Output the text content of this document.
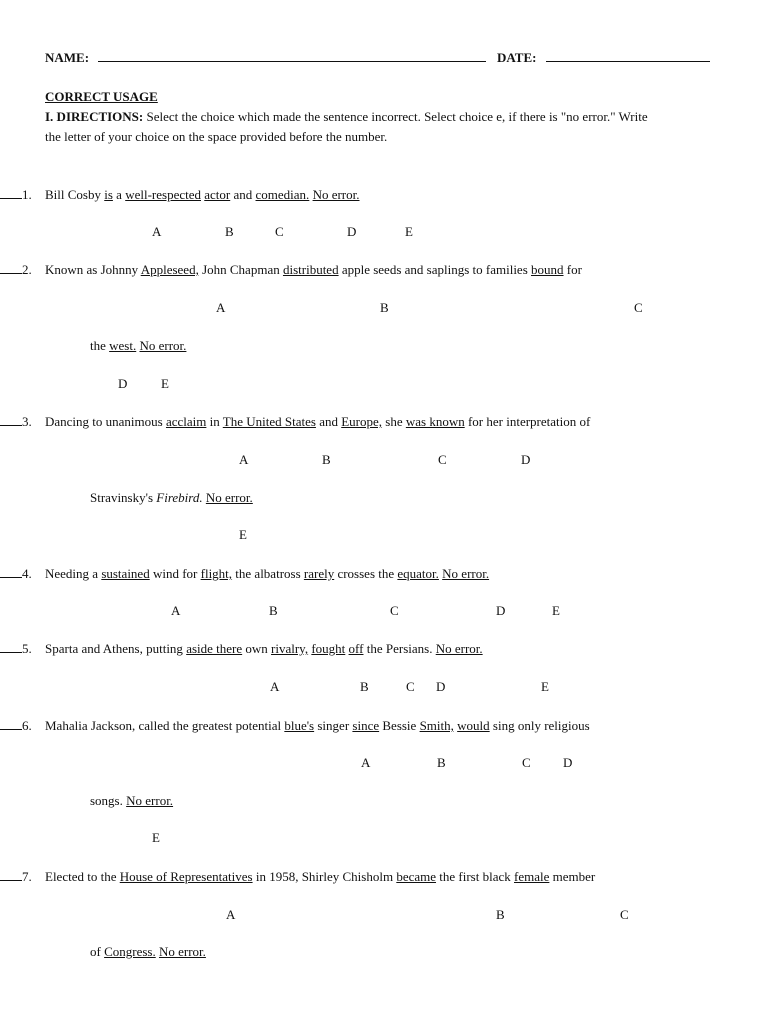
NAME:	DATE:
CORRECT USAGE
I. DIRECTIONS: Select the choice which made the sentence incorrect. Select choice e, if there is "no error." Write
the letter of your choice on the space provided before the number.
1. Bill Cosby is a well-respected actor and comedian. No error.
A	B	C	D	E
2. Known as Johnny Appleseed, John Chapman distributed apple seeds and saplings to families bound for
A	B	C
the west. No error.
D	E
3. Dancing to unanimous acclaim in The United States and Europe, she was known for her interpretation of
A	B	C	D
Stravinsky's Firebird. No error.
E
4. Needing a sustained wind for flight, the albatross rarely crosses the equator. No error.
A	B	C	D	E
5. Sparta and Athens, putting aside there own rivalry, fought off the Persians. No error.
A	B	C D	E
6. Mahalia Jackson, called the greatest potential blue's singer since Bessie Smith, would sing only religious
A	B	C D
songs. No error.
E
7. Elected to the House of Representatives in 1958, Shirley Chisholm became the first black female member
A	B	C
of Congress. No error.
